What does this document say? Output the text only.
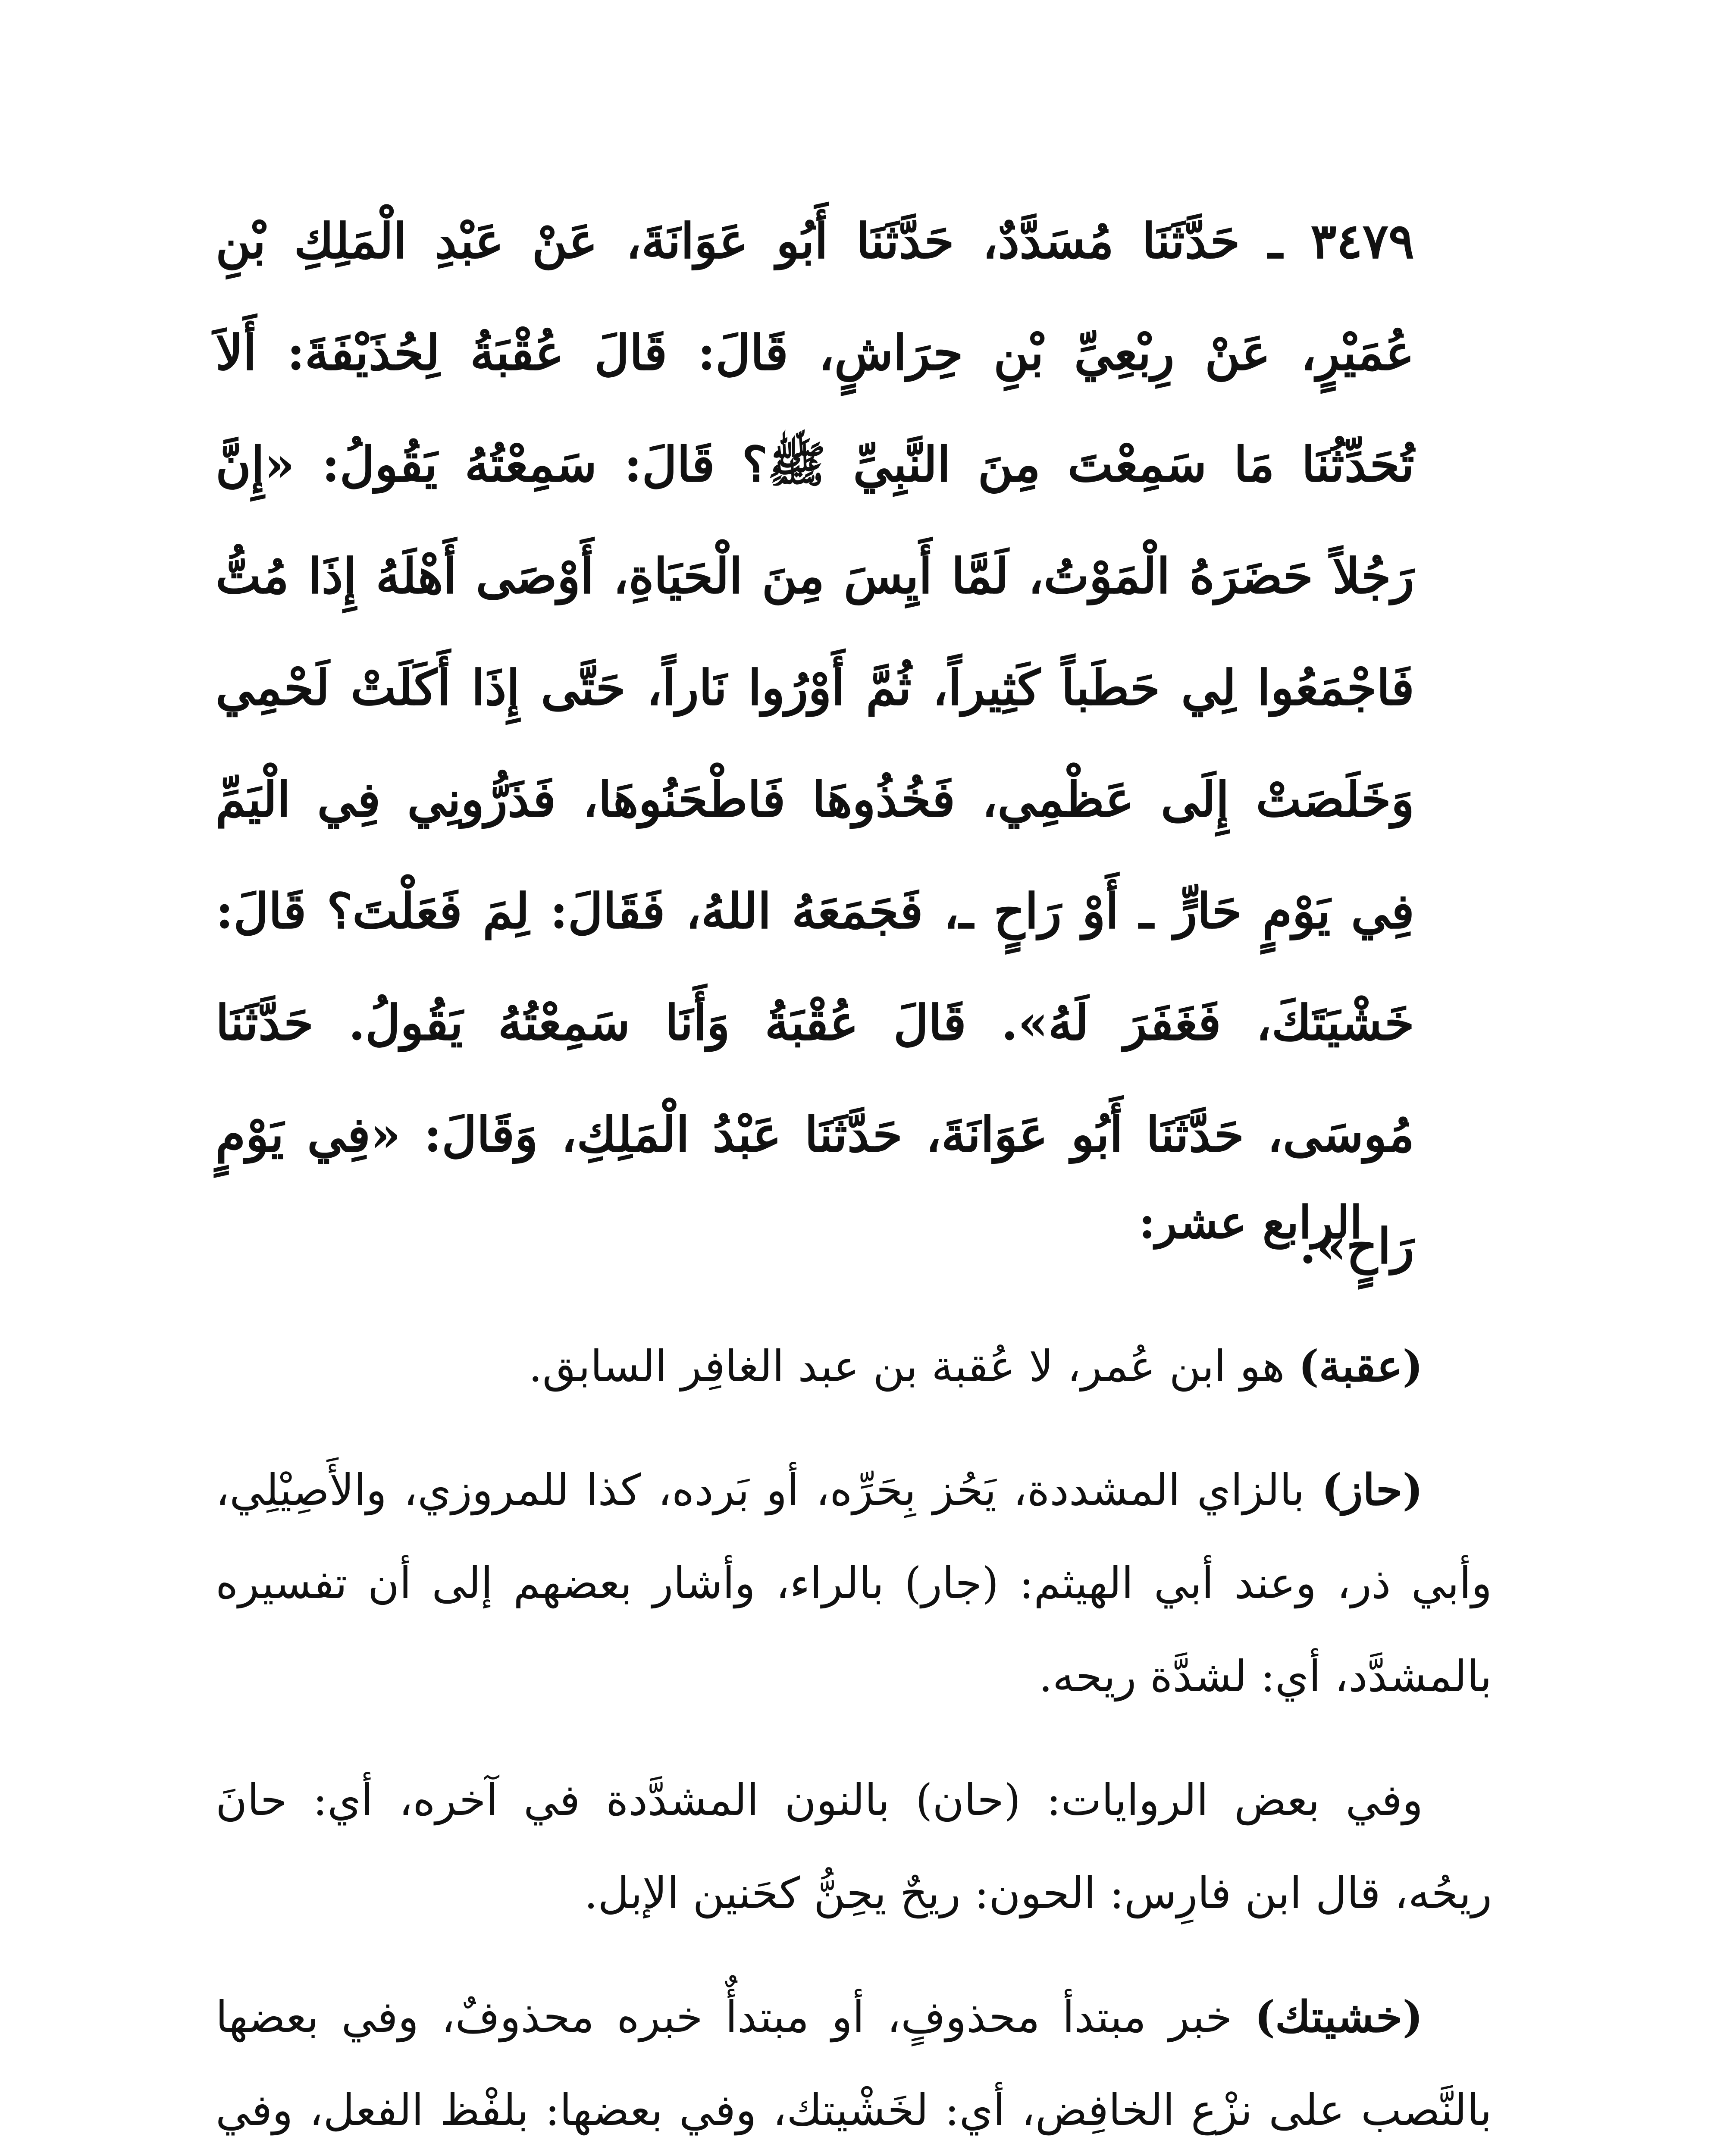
٣٤٧٩ ـ حَدَّثَنَا مُسَدَّدٌ، حَدَّثَنَا أَبُو عَوَانَةَ، عَنْ عَبْدِ الْمَلِكِ بْنِ عُمَيْرٍ، عَنْ رِبْعِيِّ بْنِ حِرَاشٍ، قَالَ: قَالَ عُقْبَةُ لِحُذَيْفَةَ: أَلاَ تُحَدِّثُنَا مَا سَمِعْتَ مِنَ النَّبِيِّ ﷺ؟ قَالَ: سَمِعْتُهُ يَقُولُ: «إِنَّ رَجُلاً حَضَرَهُ الْمَوْتُ، لَمَّا أَيِسَ مِنَ الْحَيَاةِ، أَوْصَى أَهْلَهُ إِذَا مُتُّ فَاجْمَعُوا لِي حَطَباً كَثِيراً، ثُمَّ أَوْرُوا نَاراً، حَتَّى إِذَا أَكَلَتْ لَحْمِي وَخَلَصَتْ إِلَى عَظْمِي، فَخُذُوهَا فَاطْحَنُوهَا، فَذَرُّونِي فِي الْيَمِّ فِي يَوْمٍ حَارٍّ ـ أَوْ رَاحٍ ـ، فَجَمَعَهُ اللهُ، فَقَالَ: لِمَ فَعَلْتَ؟ قَالَ: خَشْيَتَكَ، فَغَفَرَ لَهُ». قَالَ عُقْبَةُ وَأَنَا سَمِعْتُهُ يَقُولُ. حَدَّثَنَا مُوسَى، حَدَّثَنَا أَبُو عَوَانَةَ، حَدَّثَنَا عَبْدُ الْمَلِكِ، وَقَالَ: «فِي يَوْمٍ رَاحٍ».
الرابع عشر:

(عقبة) هو ابن عُمر، لا عُقبة بن عبد الغافِر السابق.

(حاز) بالزاي المشددة، يَحُز بِحَرِّه، أو بَرده، كذا للمروزي، والأَصِيْلِي، وأبي ذر، وعند أبي الهيثم: (جار) بالراء، وأشار بعضهم إلى أن تفسيره بالمشدَّد، أي: لشدَّة ريحه.

وفي بعض الروايات: (حان) بالنون المشدَّدة في آخره، أي: حانَ ريحُه، قال ابن فارِس: الحون: ريحٌ يحِنُّ كحَنين الإبل.

(خشيتك) خبر مبتدأ محذوفٍ، أو مبتدأٌ خبره محذوفٌ، وفي بعضها بالنَّصب على نزْع الخافِض، أي: لخَشْيتك، وفي بعضها: بلفْظ الفعل، وفي
